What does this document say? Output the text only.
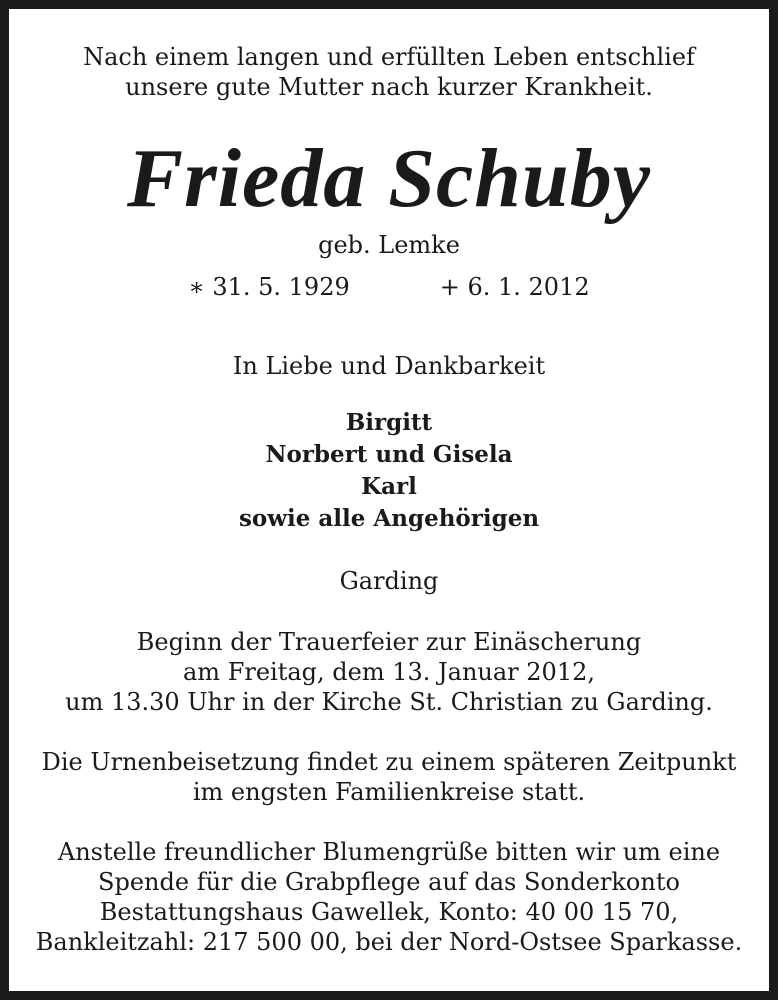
Nach einem langen und erfüllten Leben entschlief
unsere gute Mutter nach kurzer Krankheit.
Frieda Schuby
geb. Lemke
∗ 31. 5. 1929	+ 6. 1. 2012
In Liebe und Dankbarkeit
Birgitt
Norbert und Gisela
Karl
sowie alle Angehörigen
Garding
Beginn der Trauerfeier zur Einäscherung
am Freitag, dem 13. Januar 2012,
um 13.30 Uhr in der Kirche St. Christian zu Garding.
Die Urnenbeisetzung findet zu einem späteren Zeitpunkt
im engsten Familienkreise statt.
Anstelle freundlicher Blumengrüße bitten wir um eine
Spende für die Grabpflege auf das Sonderkonto
Bestattungshaus Gawellek, Konto: 40 00 15 70,
Bankleitzahl: 217 500 00, bei der Nord-Ostsee Sparkasse.
